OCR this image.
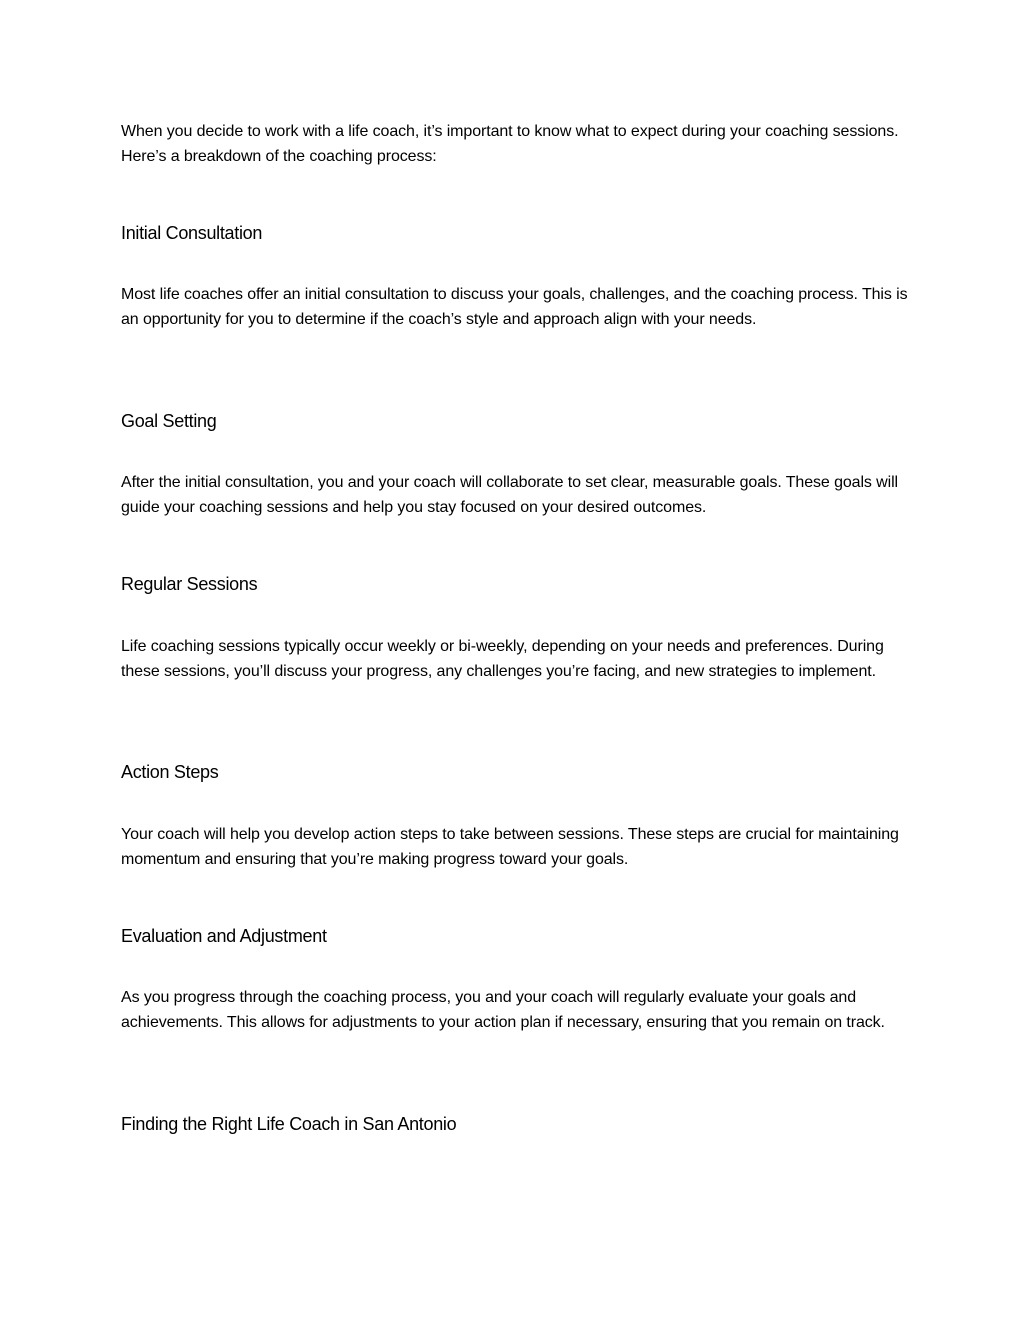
When you decide to work with a life coach, it’s important to know what to expect during your coaching sessions. Here’s a breakdown of the coaching process:

Initial Consultation

Most life coaches offer an initial consultation to discuss your goals, challenges, and the coaching process. This is an opportunity for you to determine if the coach’s style and approach align with your needs.

Goal Setting

After the initial consultation, you and your coach will collaborate to set clear, measurable goals. These goals will guide your coaching sessions and help you stay focused on your desired outcomes.

Regular Sessions

Life coaching sessions typically occur weekly or bi-weekly, depending on your needs and preferences. During these sessions, you’ll discuss your progress, any challenges you’re facing, and new strategies to implement.

Action Steps

Your coach will help you develop action steps to take between sessions. These steps are crucial for maintaining momentum and ensuring that you’re making progress toward your goals.

Evaluation and Adjustment

As you progress through the coaching process, you and your coach will regularly evaluate your goals and achievements. This allows for adjustments to your action plan if necessary, ensuring that you remain on track.

Finding the Right Life Coach in San Antonio
